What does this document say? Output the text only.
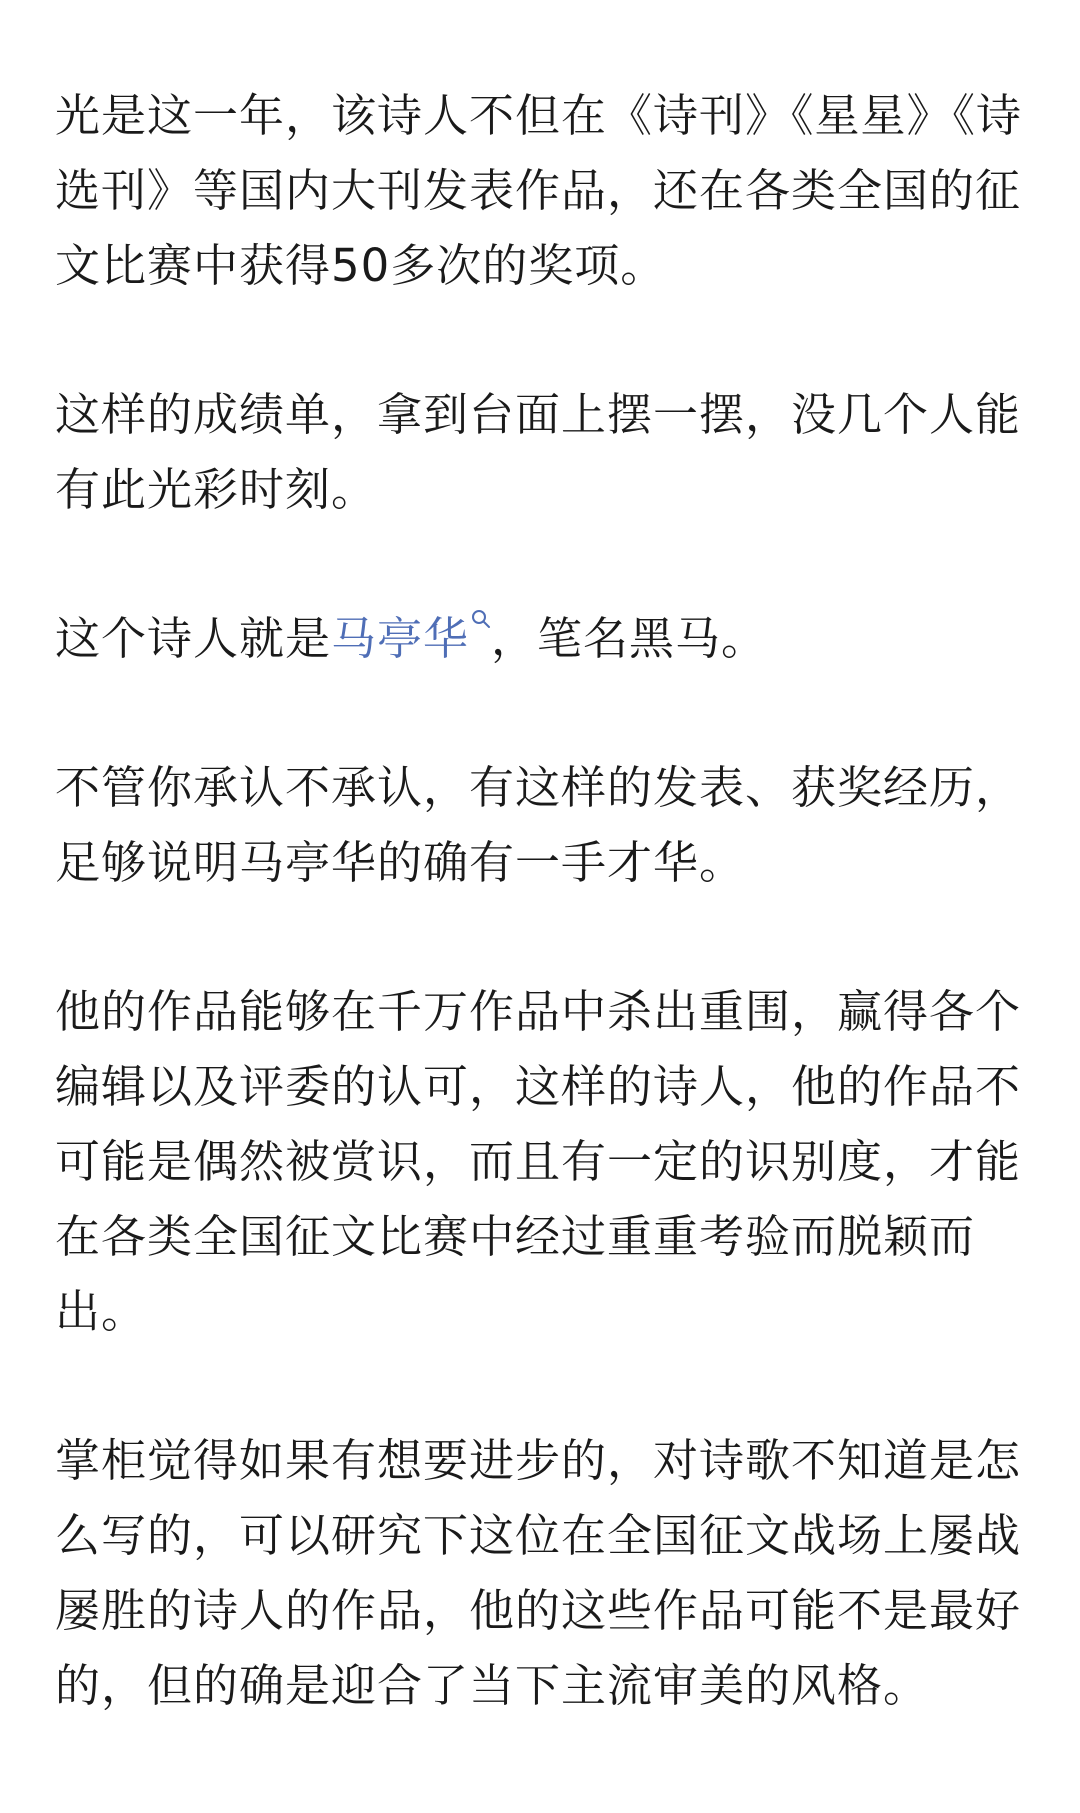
光是这一年，该诗人不但在《诗刊》《星星》《诗选刊》等国内大刊发表作品，还在各类全国的征文比赛中获得50多次的奖项。

这样的成绩单，拿到台面上摆一摆，没几个人能有此光彩时刻。

这个诗人就是马亭华 ，笔名黑马。

不管你承认不承认，有这样的发表、获奖经历，足够说明马亭华的确有一手才华。

他的作品能够在千万作品中杀出重围，赢得各个编辑以及评委的认可，这样的诗人，他的作品不可能是偶然被赏识，而且有一定的识别度，才能在各类全国征文比赛中经过重重考验而脱颖而出。

掌柜觉得如果有想要进步的，对诗歌不知道是怎么写的，可以研究下这位在全国征文战场上屡战屡胜的诗人的作品，他的这些作品可能不是最好的，但的确是迎合了当下主流审美的风格。
